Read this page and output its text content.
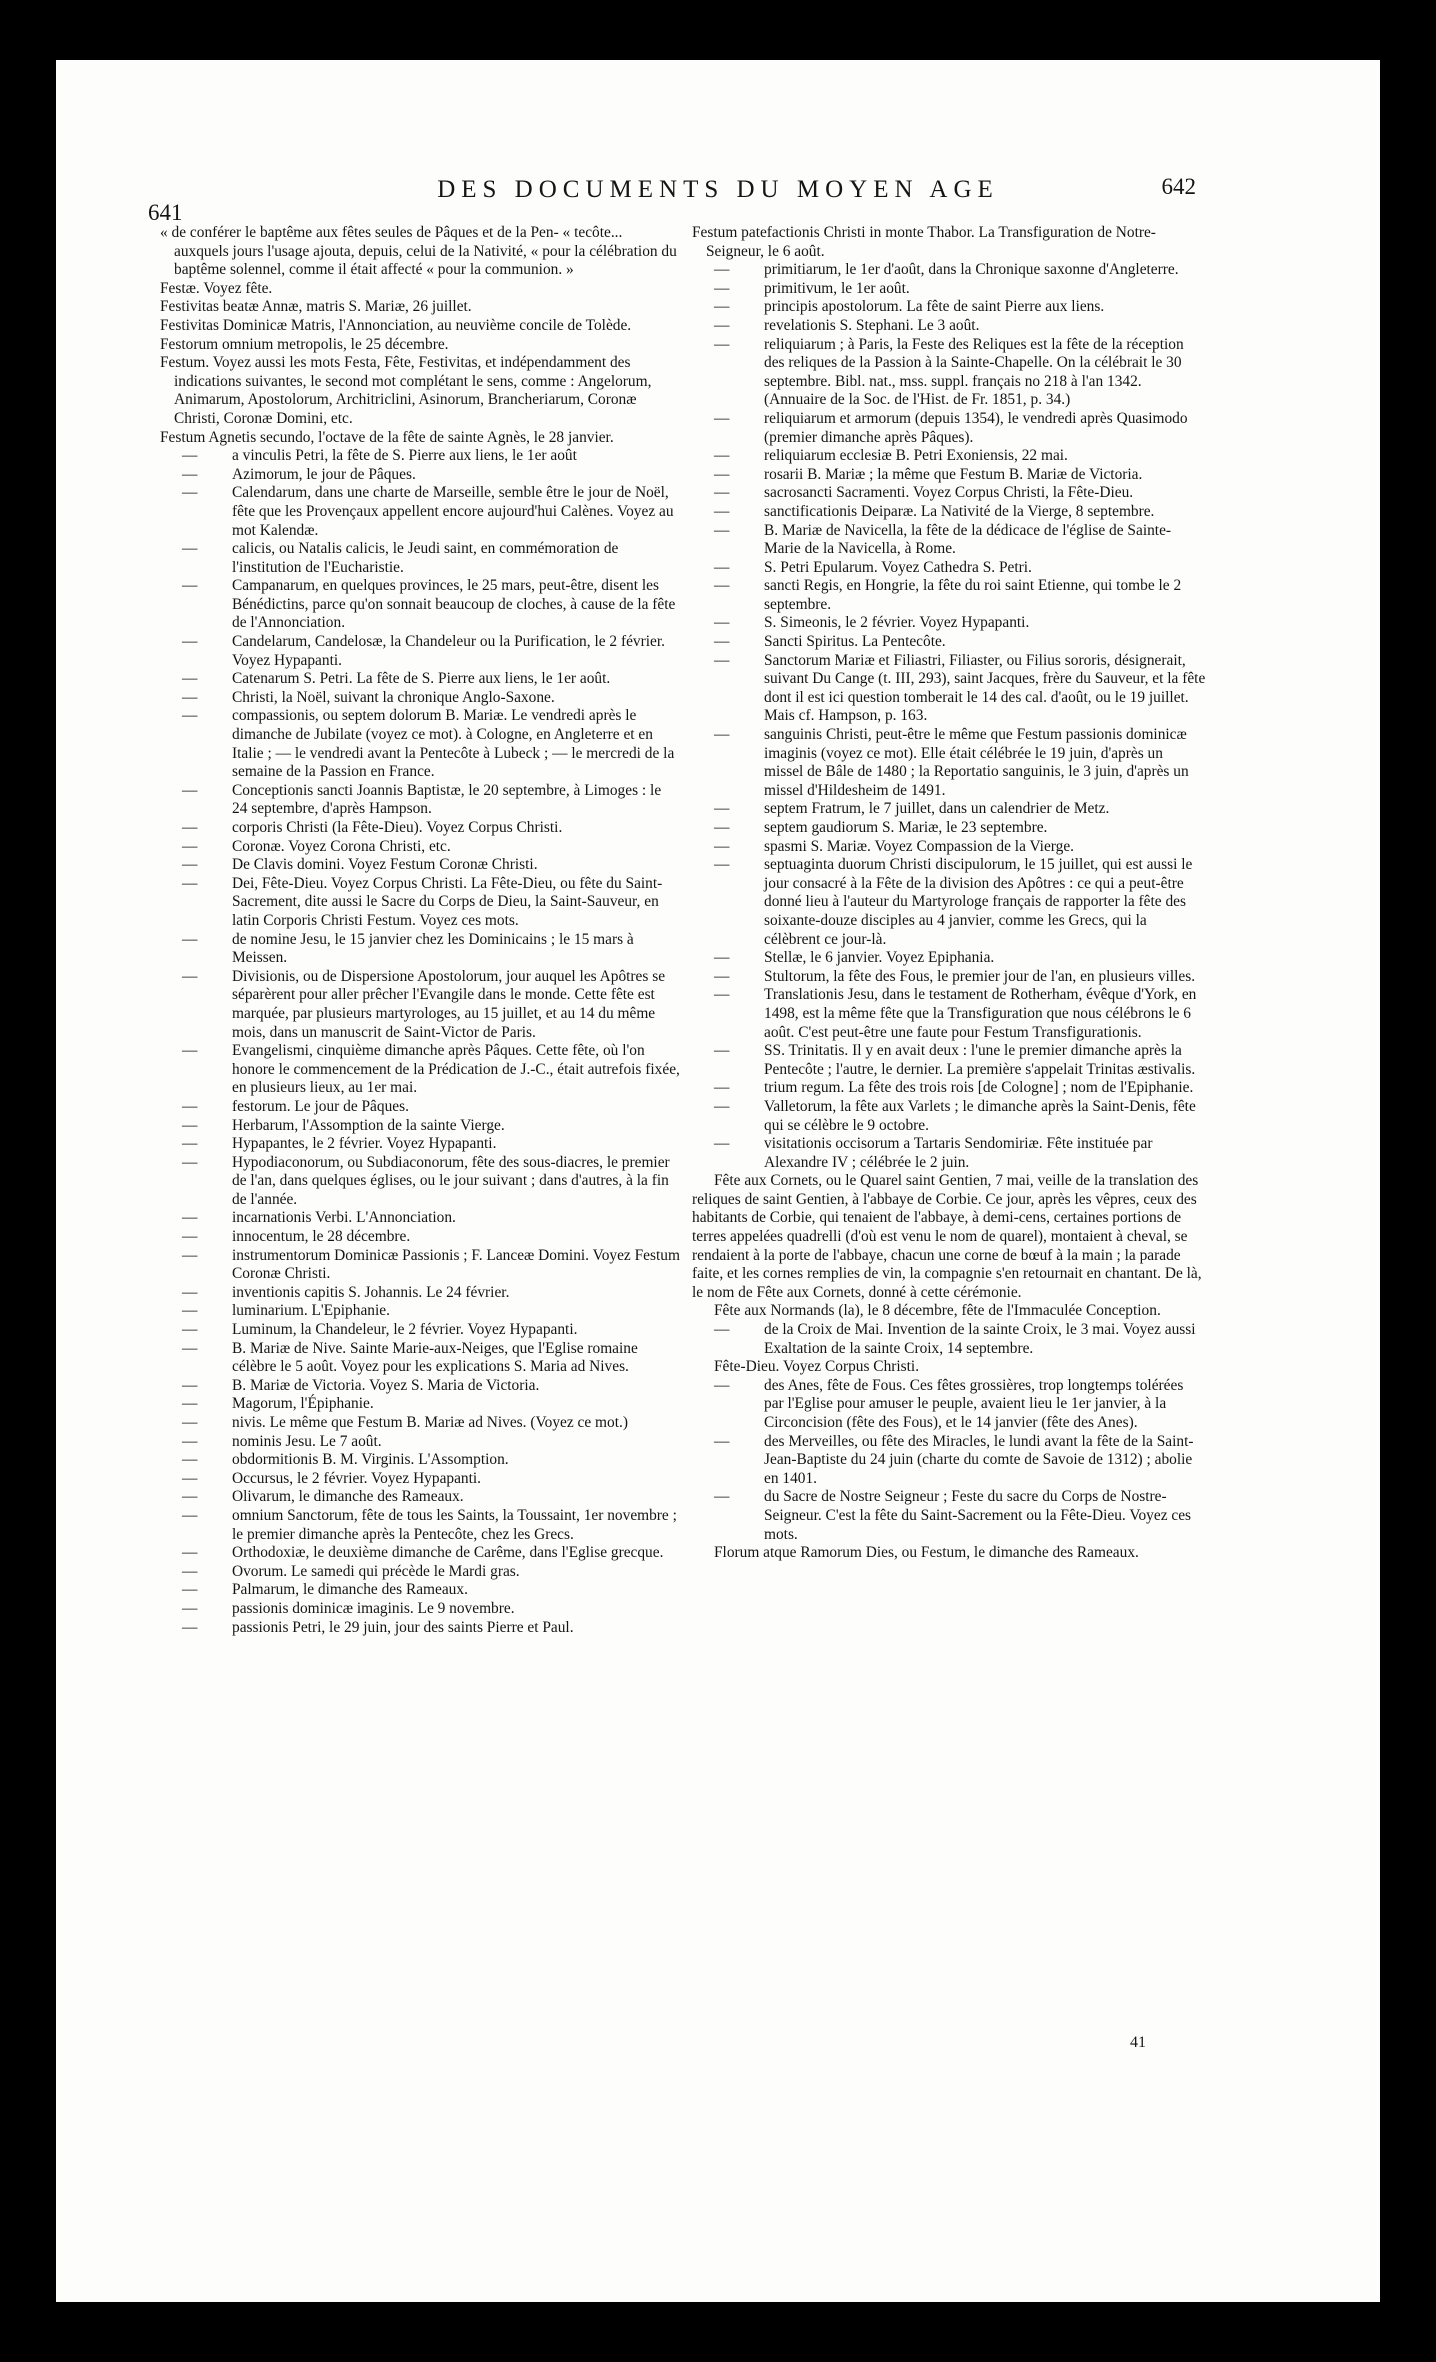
641
DES DOCUMENTS DU MOYEN AGE	642

« de conférer le baptême aux fêtes seules de Pâques et de la Pen- « tecôte... auxquels jours l'usage ajouta, depuis, celui de la Nativité, « pour la célébration du baptême solennel, comme il était affecté « pour la communion. »

Festæ. Voyez fête.

Festivitas beatæ Annæ, matris S. Mariæ, 26 juillet.

Festivitas Dominicæ Matris, l'Annonciation, au neuvième concile de Tolède.

Festorum omnium metropolis, le 25 décembre.

Festum. Voyez aussi les mots Festa, Fête, Festivitas, et indépendamment des indications suivantes, le second mot complétant le sens, comme : Angelorum, Animarum, Apostolorum, Architriclini, Asinorum, Brancheriarum, Coronæ Christi, Coronæ Domini, etc.

Festum Agnetis secundo, l'octave de la fête de sainte Agnès, le 28 janvier.

— a vinculis Petri, la fête de S. Pierre aux liens, le 1er août

— Azimorum, le jour de Pâques.

— Calendarum, dans une charte de Marseille, semble être le jour de Noël, fête que les Provençaux appellent encore aujourd'hui Calènes. Voyez au mot Kalendæ.

— calicis, ou Natalis calicis, le Jeudi saint, en commémoration de l'institution de l'Eucharistie.

— Campanarum, en quelques provinces, le 25 mars, peut-être, disent les Bénédictins, parce qu'on sonnait beaucoup de cloches, à cause de la fête de l'Annonciation.

— Candelarum, Candelosæ, la Chandeleur ou la Purification, le 2 février. Voyez Hypapanti.

— Catenarum S. Petri. La fête de S. Pierre aux liens, le 1er août.

— Christi, la Noël, suivant la chronique Anglo-Saxone.

— compassionis, ou septem dolorum B. Mariæ. Le vendredi après le dimanche de Jubilate (voyez ce mot). à Cologne, en Angleterre et en Italie ; — le vendredi avant la Pentecôte à Lubeck ; — le mercredi de la semaine de la Passion en France.

— Conceptionis sancti Joannis Baptistæ, le 20 septembre, à Limoges : le 24 septembre, d'après Hampson.

— corporis Christi (la Fête-Dieu). Voyez Corpus Christi.

— Coronæ. Voyez Corona Christi, etc.

— De Clavis domini. Voyez Festum Coronæ Christi.

— Dei, Fête-Dieu. Voyez Corpus Christi. La Fête-Dieu, ou fête du Saint-Sacrement, dite aussi le Sacre du Corps de Dieu, la Saint-Sauveur, en latin Corporis Christi Festum. Voyez ces mots.

— de nomine Jesu, le 15 janvier chez les Dominicains ; le 15 mars à Meissen.

— Divisionis, ou de Dispersione Apostolorum, jour auquel les Apôtres se séparèrent pour aller prêcher l'Evangile dans le monde. Cette fête est marquée, par plusieurs martyrologes, au 15 juillet, et au 14 du même mois, dans un manuscrit de Saint-Victor de Paris.

— Evangelismi, cinquième dimanche après Pâques. Cette fête, où l'on honore le commencement de la Prédication de J.-C., était autrefois fixée, en plusieurs lieux, au 1er mai.

— festorum. Le jour de Pâques.

— Herbarum, l'Assomption de la sainte Vierge.

— Hypapantes, le 2 février. Voyez Hypapanti.

— Hypodiaconorum, ou Subdiaconorum, fête des sous-diacres, le premier de l'an, dans quelques églises, ou le jour suivant ; dans d'autres, à la fin de l'année.

— incarnationis Verbi. L'Annonciation.

— innocentum, le 28 décembre.

— instrumentorum Dominicæ Passionis ; F. Lanceæ Domini. Voyez Festum Coronæ Christi.

— inventionis capitis S. Johannis. Le 24 février.

— luminarium. L'Epiphanie.

— Luminum, la Chandeleur, le 2 février. Voyez Hypapanti.

— B. Mariæ de Nive. Sainte Marie-aux-Neiges, que l'Eglise romaine célèbre le 5 août. Voyez pour les explications S. Maria ad Nives.

— B. Mariæ de Victoria. Voyez S. Maria de Victoria.

— Magorum, l'Épiphanie.

— nivis. Le même que Festum B. Mariæ ad Nives. (Voyez ce mot.)

— nominis Jesu. Le 7 août.

— obdormitionis B. M. Virginis. L'Assomption.

— Occursus, le 2 février. Voyez Hypapanti.

— Olivarum, le dimanche des Rameaux.

— omnium Sanctorum, fête de tous les Saints, la Toussaint, 1er novembre ; le premier dimanche après la Pentecôte, chez les Grecs.

— Orthodoxiæ, le deuxième dimanche de Carême, dans l'Eglise grecque.

— Ovorum. Le samedi qui précède le Mardi gras.

— Palmarum, le dimanche des Rameaux.

— passionis dominicæ imaginis. Le 9 novembre.

— passionis Petri, le 29 juin, jour des saints Pierre et Paul.

Festum patefactionis Christi in monte Thabor. La Transfiguration de Notre-Seigneur, le 6 août.

— primitiarum, le 1er d'août, dans la Chronique saxonne d'Angleterre.

— primitivum, le 1er août.

— principis apostolorum. La fête de saint Pierre aux liens.

— revelationis S. Stephani. Le 3 août.

— reliquiarum ; à Paris, la Feste des Reliques est la fête de la réception des reliques de la Passion à la Sainte-Chapelle. On la célébrait le 30 septembre. Bibl. nat., mss. suppl. français no 218 à l'an 1342. (Annuaire de la Soc. de l'Hist. de Fr. 1851, p. 34.)

— reliquiarum et armorum (depuis 1354), le vendredi après Quasimodo (premier dimanche après Pâques).

— reliquiarum ecclesiæ B. Petri Exoniensis, 22 mai.

— rosarii B. Mariæ ; la même que Festum B. Mariæ de Victoria.

— sacrosancti Sacramenti. Voyez Corpus Christi, la Fête-Dieu.

— sanctificationis Deiparæ. La Nativité de la Vierge, 8 septembre.

— B. Mariæ de Navicella, la fête de la dédicace de l'église de Sainte-Marie de la Navicella, à Rome.

— S. Petri Epularum. Voyez Cathedra S. Petri.

— sancti Regis, en Hongrie, la fête du roi saint Etienne, qui tombe le 2 septembre.

— S. Simeonis, le 2 février. Voyez Hypapanti.

— Sancti Spiritus. La Pentecôte.

— Sanctorum Mariæ et Filiastri, Filiaster, ou Filius sororis, désignerait, suivant Du Cange (t. III, 293), saint Jacques, frère du Sauveur, et la fête dont il est ici question tomberait le 14 des cal. d'août, ou le 19 juillet. Mais cf. Hampson, p. 163.

— sanguinis Christi, peut-être le même que Festum passionis dominicæ imaginis (voyez ce mot). Elle était célébrée le 19 juin, d'après un missel de Bâle de 1480 ; la Reportatio sanguinis, le 3 juin, d'après un missel d'Hildesheim de 1491.

— septem Fratrum, le 7 juillet, dans un calendrier de Metz.

— septem gaudiorum S. Mariæ, le 23 septembre.

— spasmi S. Mariæ. Voyez Compassion de la Vierge.

— septuaginta duorum Christi discipulorum, le 15 juillet, qui est aussi le jour consacré à la Fête de la division des Apôtres : ce qui a peut-être donné lieu à l'auteur du Martyrologe français de rapporter la fête des soixante-douze disciples au 4 janvier, comme les Grecs, qui la célèbrent ce jour-là.

— Stellæ, le 6 janvier. Voyez Epiphania.

— Stultorum, la fête des Fous, le premier jour de l'an, en plusieurs villes.

— Translationis Jesu, dans le testament de Rotherham, évêque d'York, en 1498, est la même fête que la Transfiguration que nous célébrons le 6 août. C'est peut-être une faute pour Festum Transfigurationis.

— SS. Trinitatis. Il y en avait deux : l'une le premier dimanche après la Pentecôte ; l'autre, le dernier. La première s'appelait Trinitas æstivalis.

— trium regum. La fête des trois rois [de Cologne] ; nom de l'Epiphanie.

— Valletorum, la fête aux Varlets ; le dimanche après la Saint-Denis, fête qui se célèbre le 9 octobre.

— visitationis occisorum a Tartaris Sendomiriæ. Fête instituée par Alexandre IV ; célébrée le 2 juin.

Fête aux Cornets, ou le Quarel saint Gentien, 7 mai, veille de la translation des reliques de saint Gentien, à l'abbaye de Corbie. Ce jour, après les vêpres, ceux des habitants de Corbie, qui tenaient de l'abbaye, à demi-cens, certaines portions de terres appelées quadrelli (d'où est venu le nom de quarel), montaient à cheval, se rendaient à la porte de l'abbaye, chacun une corne de bœuf à la main ; la parade faite, et les cornes remplies de vin, la compagnie s'en retournait en chantant. De là, le nom de Fête aux Cornets, donné à cette cérémonie.

Fête aux Normands (la), le 8 décembre, fête de l'Immaculée Conception.

— de la Croix de Mai. Invention de la sainte Croix, le 3 mai. Voyez aussi Exaltation de la sainte Croix, 14 septembre.

Fête-Dieu. Voyez Corpus Christi.

— des Anes, fête de Fous. Ces fêtes grossières, trop longtemps tolérées par l'Eglise pour amuser le peuple, avaient lieu le 1er janvier, à la Circoncision (fête des Fous), et le 14 janvier (fête des Anes).

— des Merveilles, ou fête des Miracles, le lundi avant la fête de la Saint-Jean-Baptiste du 24 juin (charte du comte de Savoie de 1312) ; abolie en 1401.

— du Sacre de Nostre Seigneur ; Feste du sacre du Corps de Nostre-Seigneur. C'est la fête du Saint-Sacrement ou la Fête-Dieu. Voyez ces mots.

Florum atque Ramorum Dies, ou Festum, le dimanche des Rameaux.

41
